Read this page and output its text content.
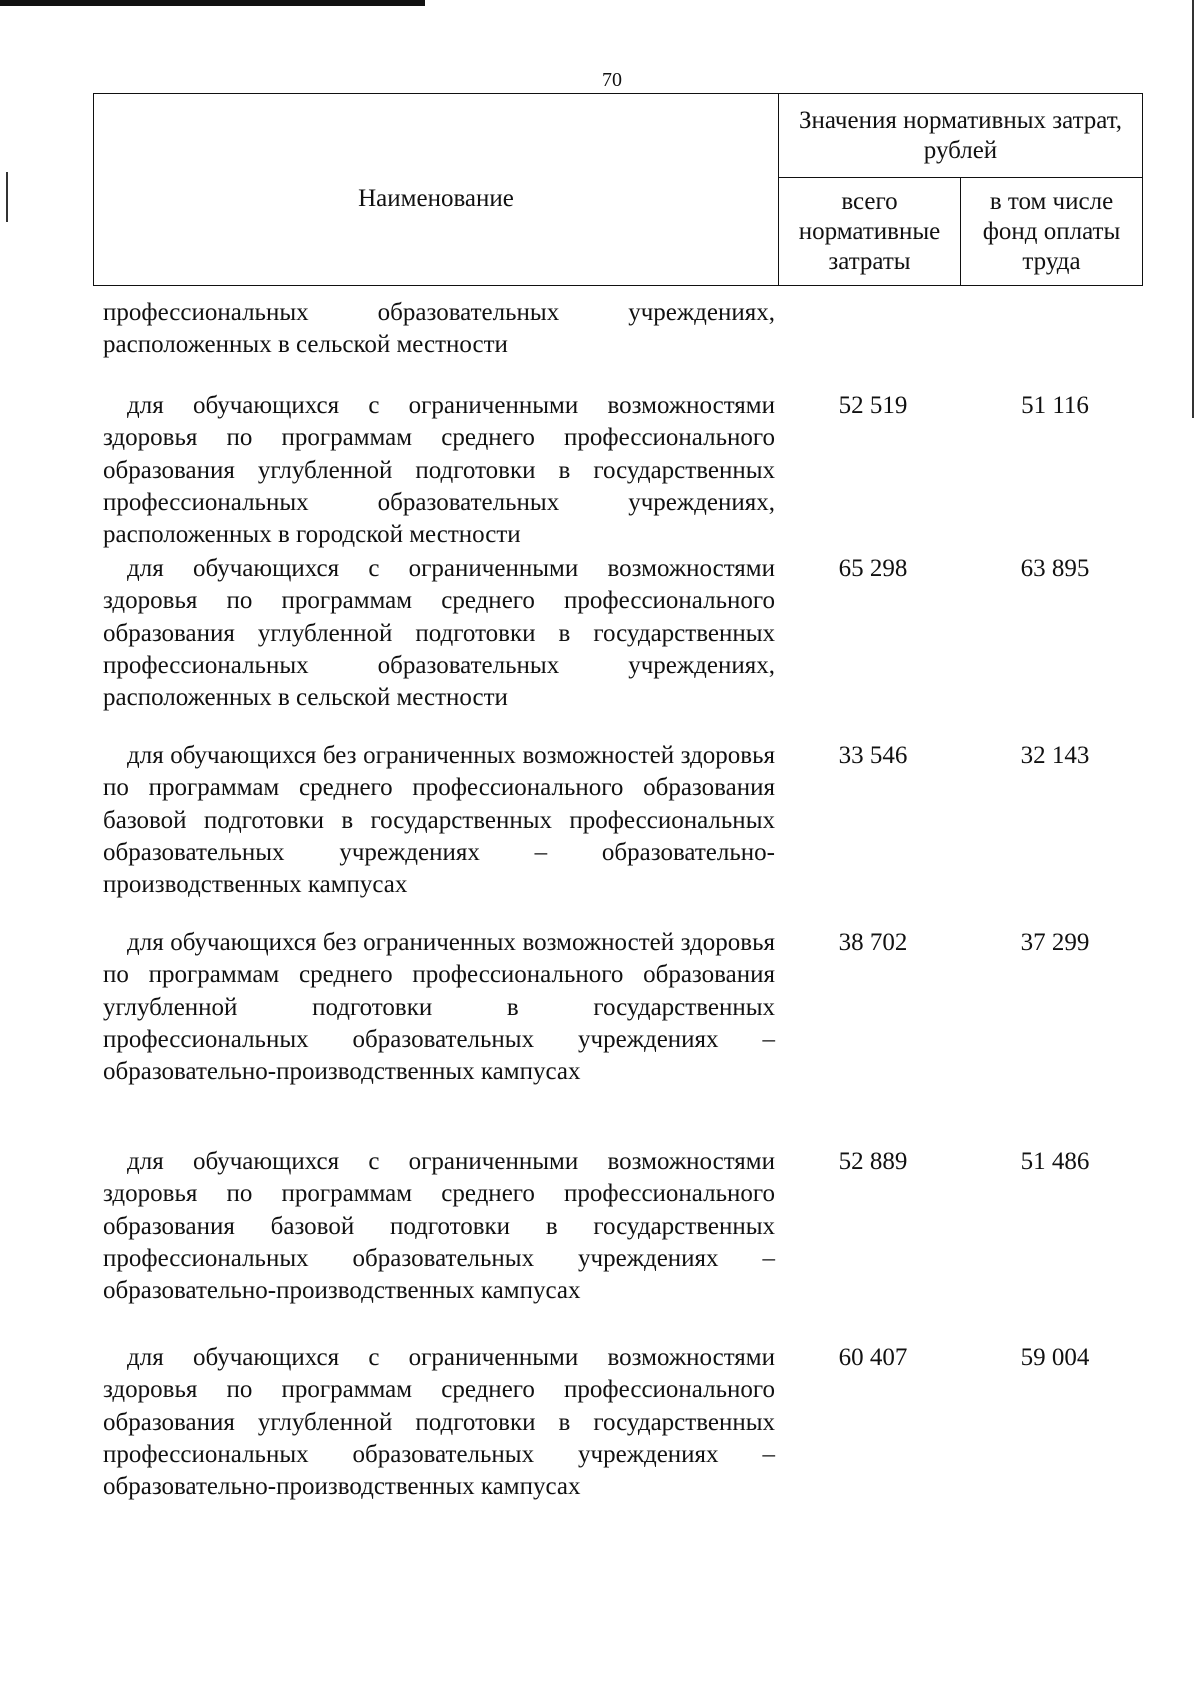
70
Наименование	Значения нормативных затрат, рублей	
	всего нормативные затраты	в том числе фонд оплаты труда
профессиональных образовательных учреждениях, расположенных в сельской местности
для обучающихся с ограниченными возможностями здоровья по программам среднего профессионального образования углубленной подготовки в государственных профессиональных образовательных учреждениях, расположенных в городской местности
52 519	51 116
для обучающихся с ограниченными возможностями здоровья по программам среднего профессионального образования углубленной подготовки в государственных профессиональных образовательных учреждениях, расположенных в сельской местности
65 298	63 895
для обучающихся без ограниченных возможностей здоровья по программам среднего профессионального образования базовой подготовки в государственных профессиональных образовательных учреждениях – образовательно-производственных кампусах
33 546	32 143
для обучающихся без ограниченных возможностей здоровья по программам среднего профессионального образования углубленной подготовки в государственных профессиональных образовательных учреждениях – образовательно-производственных кампусах
38 702	37 299
для обучающихся с ограниченными возможностями здоровья по программам среднего профессионального образования базовой подготовки в государственных профессиональных образовательных учреждениях – образовательно-производственных кампусах
52 889	51 486
для обучающихся с ограниченными возможностями здоровья по программам среднего профессионального образования углубленной подготовки в государственных профессиональных образовательных учреждениях – образовательно-производственных кампусах
60 407	59 004
